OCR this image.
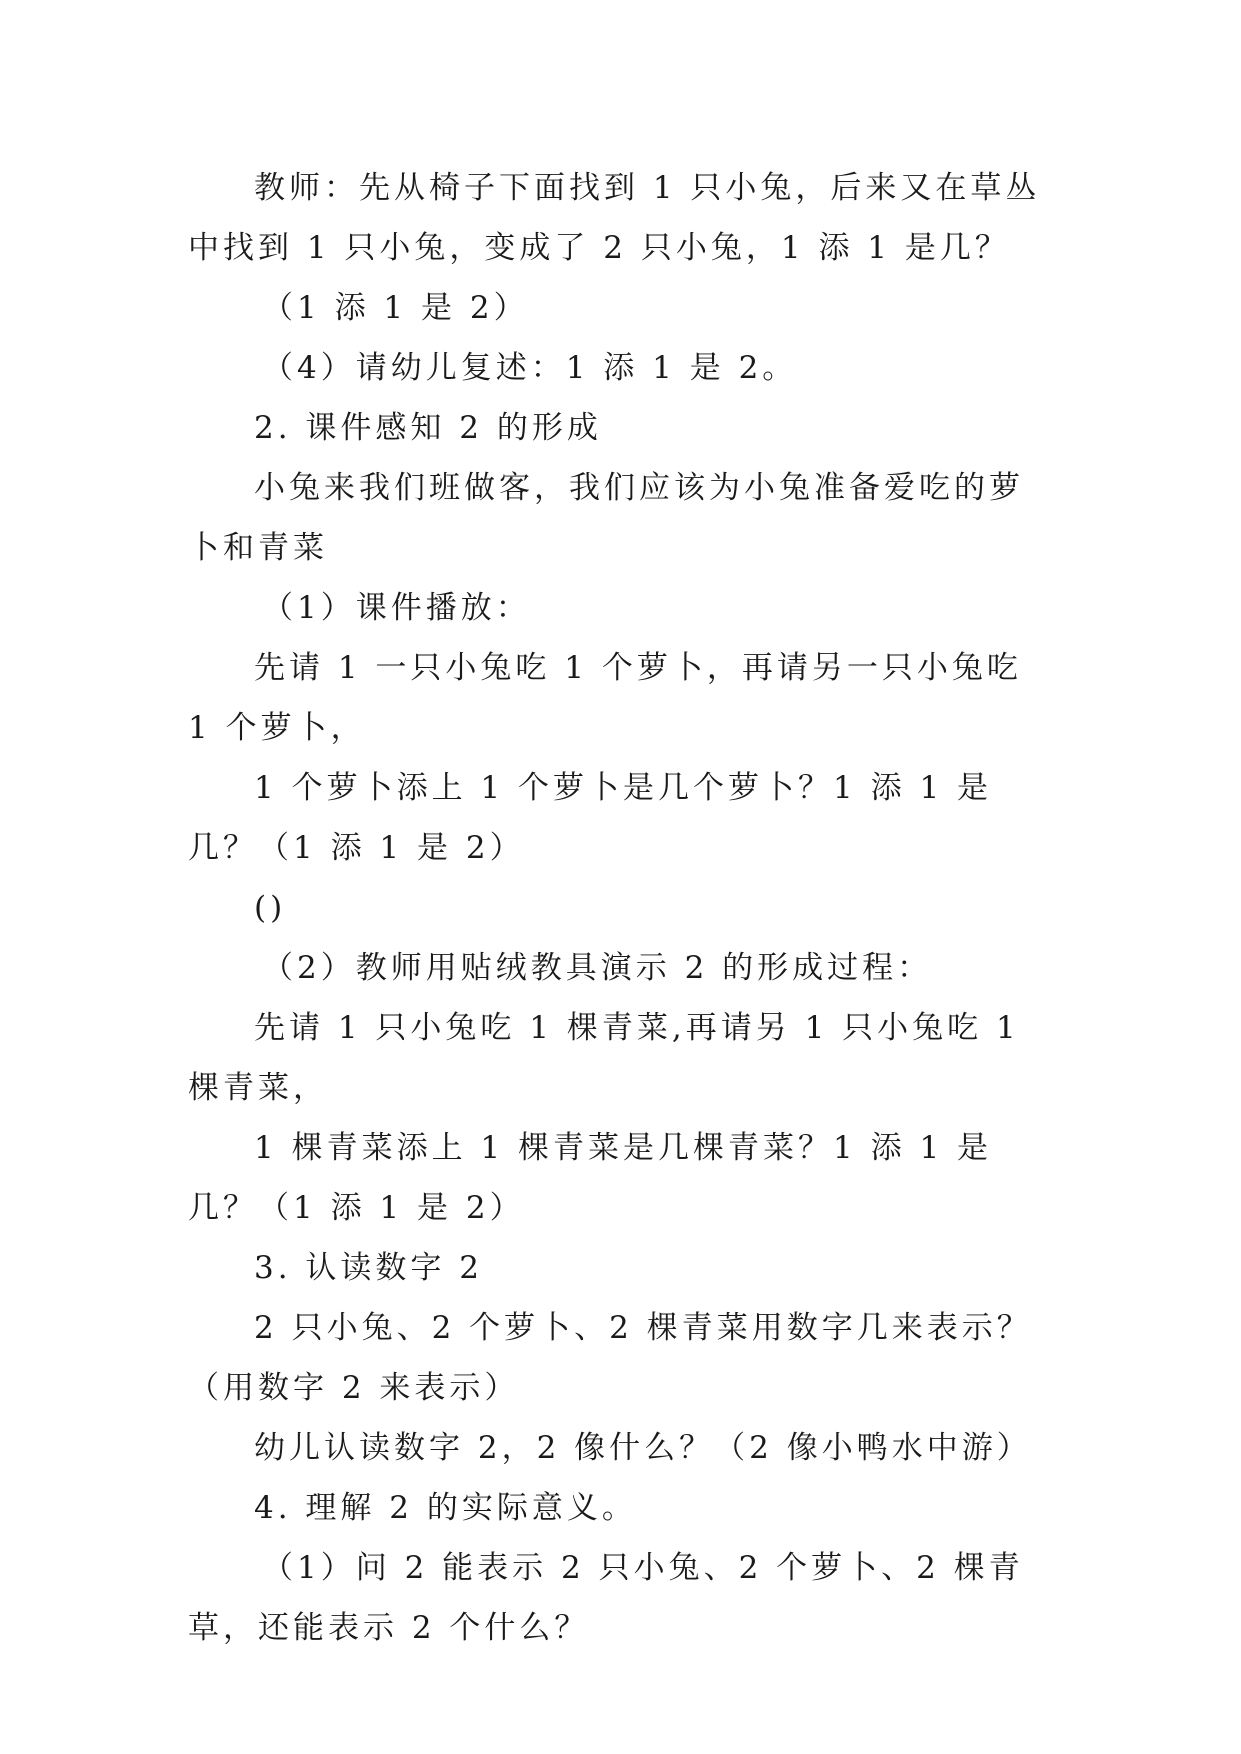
教师：先从椅子下面找到 1 只小兔，后来又在草丛中找到 1 只小兔，变成了 2 只小兔，1 添 1 是几？

（1 添 1 是 2）

（4）请幼儿复述：1 添 1 是 2。

2. 课件感知 2 的形成

小兔来我们班做客，我们应该为小兔准备爱吃的萝卜和青菜

（1）课件播放：

先请 1 一只小兔吃 1 个萝卜，再请另一只小兔吃 1 个萝卜，

1 个萝卜添上 1 个萝卜是几个萝卜？1 添 1 是几？（1 添 1 是 2）

()

（2）教师用贴绒教具演示 2 的形成过程：

先请 1 只小兔吃 1 棵青菜,再请另 1 只小兔吃 1 棵青菜，

1 棵青菜添上 1 棵青菜是几棵青菜？1 添 1 是几？（1 添 1 是 2）

3. 认读数字 2

2 只小兔、2 个萝卜、2 棵青菜用数字几来表示？（用数字 2 来表示）

幼儿认读数字 2，2 像什么？（2 像小鸭水中游）

4. 理解 2 的实际意义。

（1）问 2 能表示 2 只小兔、2 个萝卜、2 棵青草，还能表示 2 个什么？
